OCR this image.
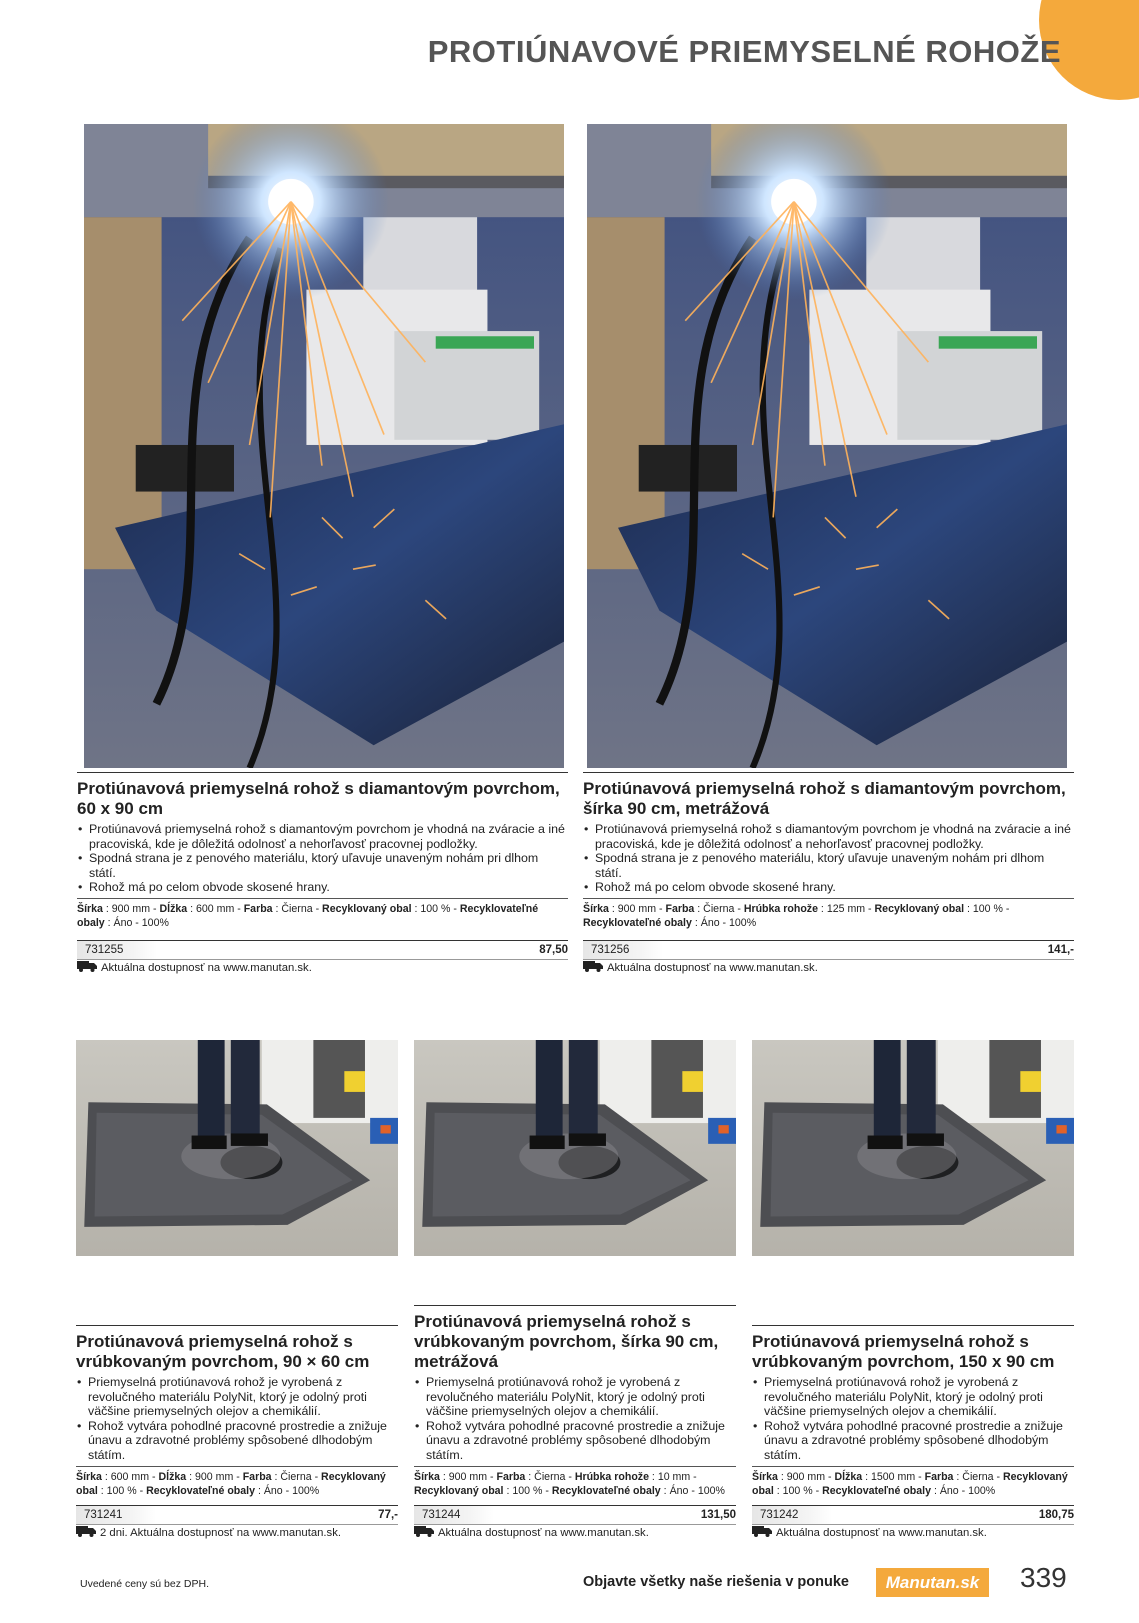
PROTIÚNAVOVÉ PRIEMYSELNÉ ROHOŽE
Protiúnavová priemyselná rohož s diamantovým povrchom, 60 x 90 cm
• Protiúnavová priemyselná rohož s diamantovým povrchom je vhodná na zváracie a iné pracoviská, kde je dôležitá odolnosť a nehorľavosť pracovnej podložky.
• Spodná strana je z penového materiálu, ktorý uľavuje unaveným nohám pri dlhom státí.
• Rohož má po celom obvode skosené hrany.
Šírka : 900 mm - Dĺžka : 600 mm - Farba : Čierna - Recyklovaný obal : 100 % - Recyklovateľné obaly : Áno - 100%
731255	87,50
Aktuálna dostupnosť na www.manutan.sk.
Protiúnavová priemyselná rohož s diamantovým povrchom, šírka 90 cm, metrážová
• Protiúnavová priemyselná rohož s diamantovým povrchom je vhodná na zváracie a iné pracoviská, kde je dôležitá odolnosť a nehorľavosť pracovnej podložky.
• Spodná strana je z penového materiálu, ktorý uľavuje unaveným nohám pri dlhom státí.
• Rohož má po celom obvode skosené hrany.
Šírka : 900 mm - Farba : Čierna - Hrúbka rohože : 125 mm - Recyklovaný obal : 100 % - Recyklovateľné obaly : Áno - 100%
731256	141,-
Aktuálna dostupnosť na www.manutan.sk.
Protiúnavová priemyselná rohož s vrúbkovaným povrchom, 90 × 60 cm
• Priemyselná protiúnavová rohož je vyrobená z revolučného materiálu PolyNit, ktorý je odolný proti väčšine priemyselných olejov a chemikálií.
• Rohož vytvára pohodlné pracovné prostredie a znižuje únavu a zdravotné problémy spôsobené dlhodobým státím.
Šírka : 600 mm - Dĺžka : 900 mm - Farba : Čierna - Recyklovaný obal : 100 % - Recyklovateľné obaly : Áno - 100%
731241	77,-
2 dni. Aktuálna dostupnosť na www.manutan.sk.
Protiúnavová priemyselná rohož s vrúbkovaným povrchom, šírka 90 cm, metrážová
• Priemyselná protiúnavová rohož je vyrobená z revolučného materiálu PolyNit, ktorý je odolný proti väčšine priemyselných olejov a chemikálií.
• Rohož vytvára pohodlné pracovné prostredie a znižuje únavu a zdravotné problémy spôsobené dlhodobým státím.
Šírka : 900 mm - Farba : Čierna - Hrúbka rohože : 10 mm - Recyklovaný obal : 100 % - Recyklovateľné obaly : Áno - 100%
731244	131,50
Aktuálna dostupnosť na www.manutan.sk.
Protiúnavová priemyselná rohož s vrúbkovaným povrchom, 150 x 90 cm
• Priemyselná protiúnavová rohož je vyrobená z revolučného materiálu PolyNit, ktorý je odolný proti väčšine priemyselných olejov a chemikálií.
• Rohož vytvára pohodlné pracovné prostredie a znižuje únavu a zdravotné problémy spôsobené dlhodobým státím.
Šírka : 900 mm - Dĺžka : 1500 mm - Farba : Čierna - Recyklovaný obal : 100 % - Recyklovateľné obaly : Áno - 100%
731242	180,75
Aktuálna dostupnosť na www.manutan.sk.
Uvedené ceny sú bez DPH.	Objavte všetky naše riešenia v ponuke	Manutan.sk	339
